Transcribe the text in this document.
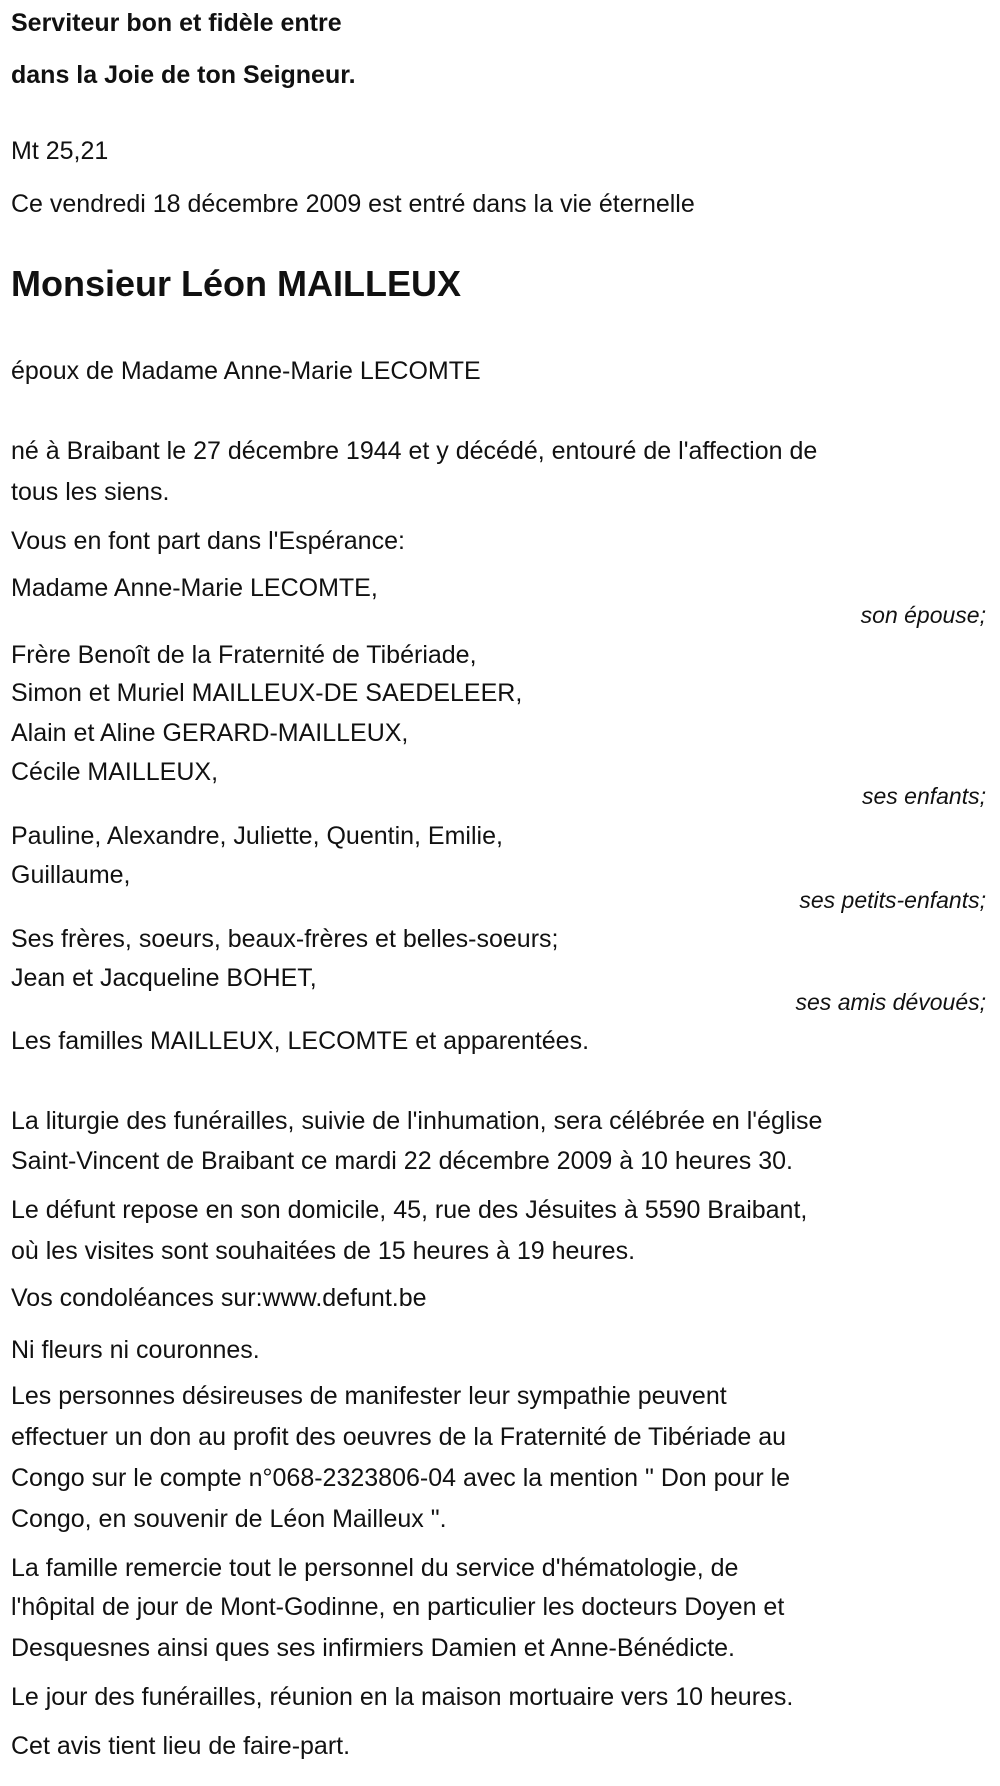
Serviteur bon et fidèle entre
dans la Joie de ton Seigneur.
Mt 25,21
Ce vendredi 18 décembre 2009 est entré dans la vie éternelle
Monsieur Léon MAILLEUX
époux de Madame Anne-Marie LECOMTE
né à Braibant le 27 décembre 1944 et y décédé, entouré de l'affection de
tous les siens.
Vous en font part dans l'Espérance:
Madame Anne-Marie LECOMTE,
son épouse;
Frère Benoît de la Fraternité de Tibériade,
Simon et Muriel MAILLEUX-DE SAEDELEER,
Alain et Aline GERARD-MAILLEUX,
Cécile MAILLEUX,
ses enfants;
Pauline, Alexandre, Juliette, Quentin, Emilie,
Guillaume,
ses petits-enfants;
Ses frères, soeurs, beaux-frères et belles-soeurs;
Jean et Jacqueline BOHET,
ses amis dévoués;
Les familles MAILLEUX, LECOMTE et apparentées.
La liturgie des funérailles, suivie de l'inhumation, sera célébrée en l'église
Saint-Vincent de Braibant ce mardi 22 décembre 2009 à 10 heures 30.
Le défunt repose en son domicile, 45, rue des Jésuites à 5590 Braibant,
où les visites sont souhaitées de 15 heures à 19 heures.
Vos condoléances sur:www.defunt.be
Ni fleurs ni couronnes.
Les personnes désireuses de manifester leur sympathie peuvent
effectuer un don au profit des oeuvres de la Fraternité de Tibériade au
Congo sur le compte n°068-2323806-04 avec la mention " Don pour le
Congo, en souvenir de Léon Mailleux ".
La famille remercie tout le personnel du service d'hématologie, de
l'hôpital de jour de Mont-Godinne, en particulier les docteurs Doyen et
Desquesnes ainsi ques ses infirmiers Damien et Anne-Bénédicte.
Le jour des funérailles, réunion en la maison mortuaire vers 10 heures.
Cet avis tient lieu de faire-part.
